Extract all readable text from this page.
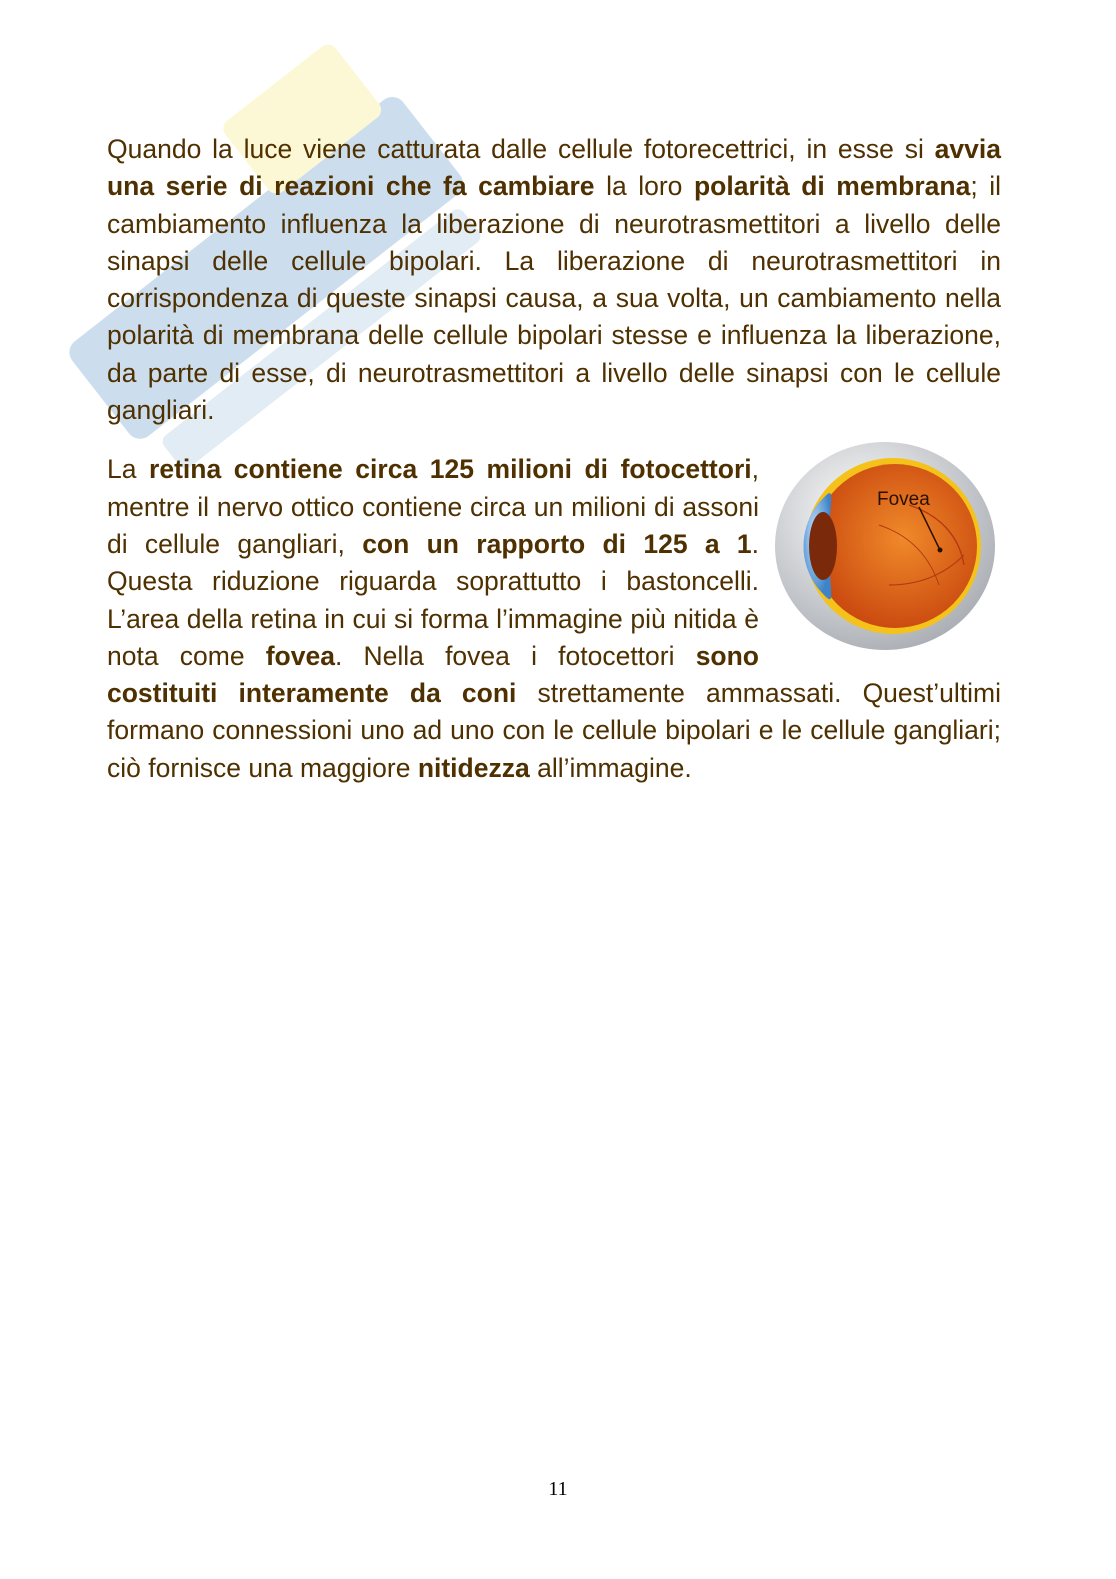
Quando la luce viene catturata dalle cellule fotorecettrici, in esse si avvia una serie di reazioni che fa cambiare la loro polarità di membrana; il cambiamento influenza la liberazione di neurotrasmettitori a livello delle sinapsi delle cellule bipolari. La liberazione di neurotrasmettitori in corrispondenza di queste sinapsi causa, a sua volta, un cambiamento nella polarità di membrana delle cellule bipolari stesse e influenza la liberazione, da parte di esse, di neurotrasmettitori a livello delle sinapsi con le cellule gangliari.

Fovea
La retina contiene circa 125 milioni di fotocettori, mentre il nervo ottico contiene circa un milioni di assoni di cellule gangliari, con un rapporto di 125 a 1. Questa riduzione riguarda soprattutto i bastoncelli. L’area della retina in cui si forma l’immagine più nitida è nota come fovea. Nella fovea i fotocettori sono costituiti interamente da coni strettamente ammassati. Quest’ultimi formano connessioni uno ad uno con le cellule bipolari e le cellule gangliari; ciò fornisce una maggiore nitidezza all’immagine.

11
